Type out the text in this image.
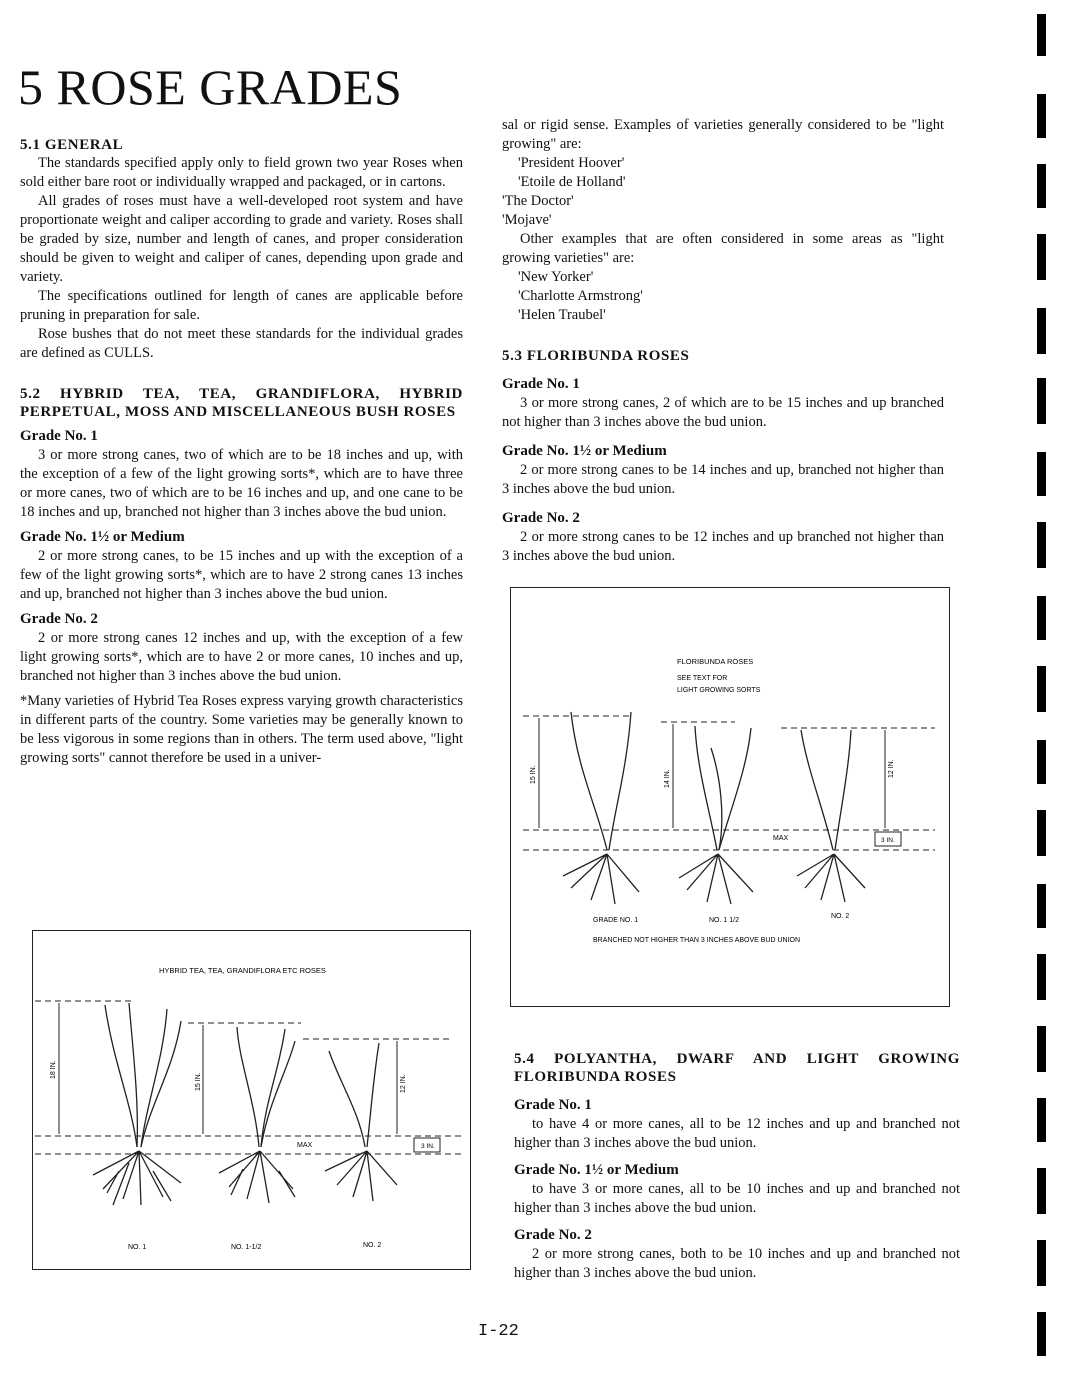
5 ROSE GRADES
5.1 GENERAL

The standards specified apply only to field grown two year Roses when sold either bare root or individually wrapped and packaged, or in cartons.

All grades of roses must have a well-developed root system and have proportionate weight and caliper according to grade and variety. Roses shall be graded by size, number and length of canes, and proper consideration should be given to weight and caliper of canes, depending upon grade and variety.

The specifications outlined for length of canes are applicable before pruning in preparation for sale.

Rose bushes that do not meet these standards for the individual grades are defined as CULLS.

5.2 HYBRID TEA, TEA, GRANDIFLORA, HYBRID PERPETUAL, MOSS AND MISCELLANEOUS BUSH ROSES
Grade No. 1

3 or more strong canes, two of which are to be 18 inches and up, with the exception of a few of the light growing sorts*, which are to have three or more canes, two of which are to be 16 inches and up, and one cane to be 18 inches and up, branched not higher than 3 inches above the bud union.

Grade No. 1½ or Medium

2 or more strong canes, to be 15 inches and up with the exception of a few of the light growing sorts*, which are to have 2 strong canes 13 inches and up, branched not higher than 3 inches above the bud union.

Grade No. 2

2 or more strong canes 12 inches and up, with the exception of a few light growing sorts*, which are to have 2 or more canes, 10 inches and up, branched not higher than 3 inches above the bud union.

*Many varieties of Hybrid Tea Roses express varying growth characteristics in different parts of the country. Some varieties may be generally known to be less vigorous in some regions than in others. The term used above, "light growing sorts" cannot therefore be used in a univer-

sal or rigid sense. Examples of varieties generally considered to be "light growing" are:

'President Hoover'
'Etoile de Holland'
'The Doctor'
'Mojave'

Other examples that are often considered in some areas as "light growing varieties" are:

'New Yorker'
'Charlotte Armstrong'
'Helen Traubel'
5.3 FLORIBUNDA ROSES
Grade No. 1

3 or more strong canes, 2 of which are to be 15 inches and up branched not higher than 3 inches above the bud union.

Grade No. 1½ or Medium

2 or more strong canes to be 14 inches and up, branched not higher than 3 inches above the bud union.

Grade No. 2

2 or more strong canes to be 12 inches and up branched not higher than 3 inches above the bud union.

5.4 POLYANTHA, DWARF AND LIGHT GROWING FLORIBUNDA ROSES
Grade No. 1

to have 4 or more canes, all to be 12 inches and up and branched not higher than 3 inches above the bud union.

Grade No. 1½ or Medium

to have 3 or more canes, all to be 10 inches and up and branched not higher than 3 inches above the bud union.

Grade No. 2

2 or more strong canes, both to be 10 inches and up and branched not higher than 3 inches above the bud union.

HYBRID TEA, TEA, GRANDIFLORA ETC ROSES
18 IN.
15 IN.	12 IN.
MAX	3 IN.
NO. 1	NO. 1-1/2	NO. 2
FLORIBUNDA ROSES
SEE TEXT FOR
LIGHT GROWING SORTS
15 IN.	14 IN.
12 IN.
MAX	3 IN.
GRADE NO. 1	NO. 1 1/2
NO. 2
BRANCHED NOT HIGHER THAN 3 INCHES ABOVE BUD UNION
I-22
